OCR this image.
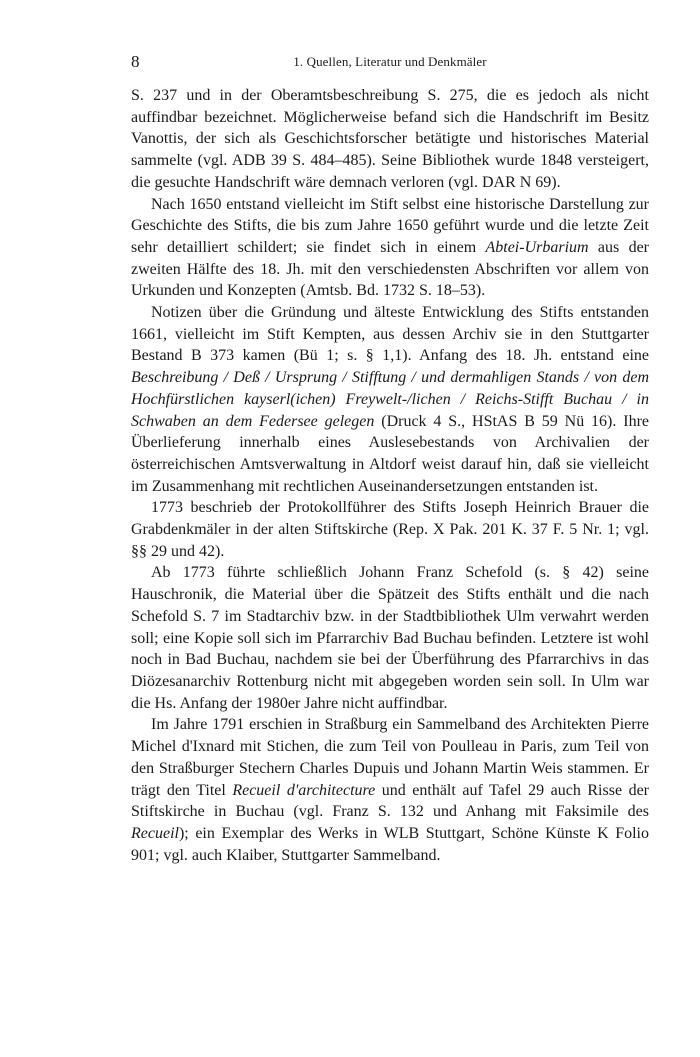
8	1. Quellen, Literatur und Denkmäler

S. 237 und in der Oberamtsbeschreibung S. 275, die es jedoch als nicht auffindbar bezeichnet. Möglicherweise befand sich die Handschrift im Besitz Vanottis, der sich als Geschichtsforscher betätigte und historisches Material sammelte (vgl. ADB 39 S. 484–485). Seine Bibliothek wurde 1848 versteigert, die gesuchte Handschrift wäre demnach verloren (vgl. DAR N 69).

Nach 1650 entstand vielleicht im Stift selbst eine historische Darstellung zur Geschichte des Stifts, die bis zum Jahre 1650 geführt wurde und die letzte Zeit sehr detailliert schildert; sie findet sich in einem Abtei-Urbarium aus der zweiten Hälfte des 18. Jh. mit den verschiedensten Abschriften vor allem von Urkunden und Konzepten (Amtsb. Bd. 1732 S. 18–53).

Notizen über die Gründung und älteste Entwicklung des Stifts entstanden 1661, vielleicht im Stift Kempten, aus dessen Archiv sie in den Stuttgarter Bestand B 373 kamen (Bü 1; s. § 1,1). Anfang des 18. Jh. entstand eine Beschreibung / Deß / Ursprung / Stifftung / und dermahligen Stands / von dem Hochfürstlichen kayserl(ichen) Freywelt-/lichen / Reichs-Stifft Buchau / in Schwaben an dem Federsee gelegen (Druck 4 S., HStAS B 59 Nü 16). Ihre Überlieferung innerhalb eines Auslesebestands von Archivalien der österreichischen Amtsverwaltung in Altdorf weist darauf hin, daß sie vielleicht im Zusammenhang mit rechtlichen Auseinandersetzungen entstanden ist.

1773 beschrieb der Protokollführer des Stifts Joseph Heinrich Brauer die Grabdenkmäler in der alten Stiftskirche (Rep. X Pak. 201 K. 37 F. 5 Nr. 1; vgl. §§ 29 und 42).

Ab 1773 führte schließlich Johann Franz Schefold (s. § 42) seine Hauschronik, die Material über die Spätzeit des Stifts enthält und die nach Schefold S. 7 im Stadtarchiv bzw. in der Stadtbibliothek Ulm verwahrt werden soll; eine Kopie soll sich im Pfarrarchiv Bad Buchau befinden. Letztere ist wohl noch in Bad Buchau, nachdem sie bei der Überführung des Pfarrarchivs in das Diözesanarchiv Rottenburg nicht mit abgegeben worden sein soll. In Ulm war die Hs. Anfang der 1980er Jahre nicht auffindbar.

Im Jahre 1791 erschien in Straßburg ein Sammelband des Architekten Pierre Michel d'Ixnard mit Stichen, die zum Teil von Poulleau in Paris, zum Teil von den Straßburger Stechern Charles Dupuis und Johann Martin Weis stammen. Er trägt den Titel Recueil d'architecture und enthält auf Tafel 29 auch Risse der Stiftskirche in Buchau (vgl. Franz S. 132 und Anhang mit Faksimile des Recueil); ein Exemplar des Werks in WLB Stuttgart, Schöne Künste K Folio 901; vgl. auch Klaiber, Stuttgarter Sammelband.
